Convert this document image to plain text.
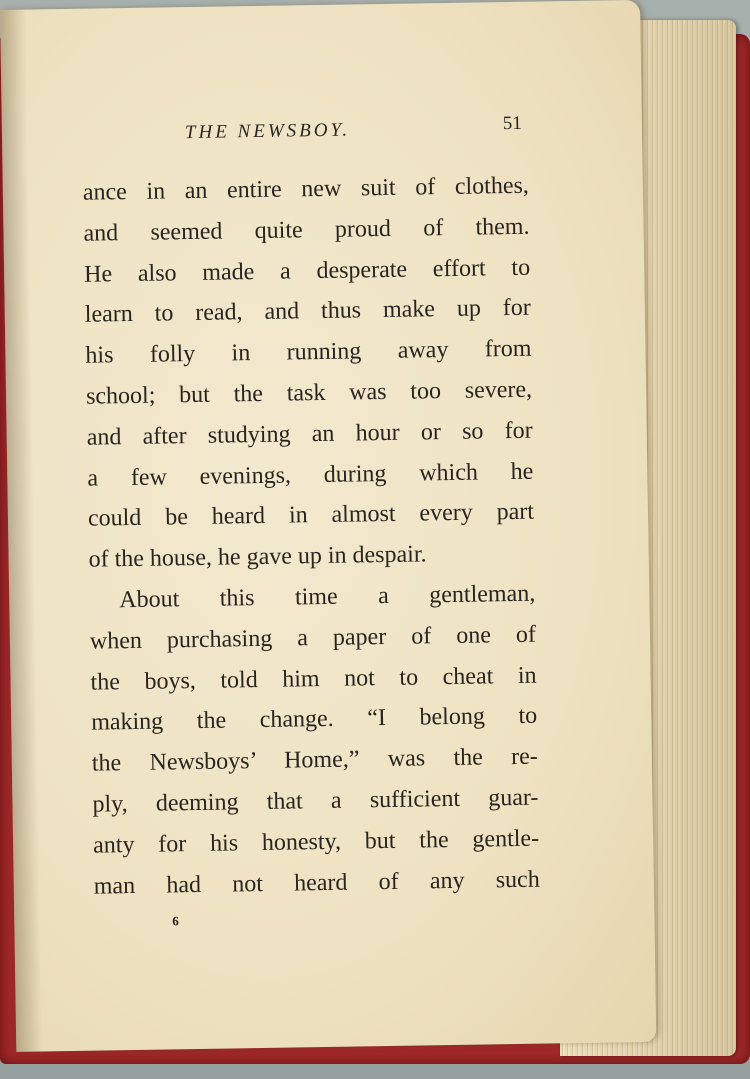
THE NEWSBOY.	51
ance in an entire new suit of clothes,
and seemed quite proud of them.
He also made a desperate effort to
learn to read, and thus make up for
his folly in running away from
school; but the task was too severe,
and after studying an hour or so for
a few evenings, during which he
could be heard in almost every part
of the house, he gave up in despair.
About this time a gentleman,
when purchasing a paper of one of
the boys, told him not to cheat in
making the change. “I belong to
the Newsboys’ Home,” was the re-
ply, deeming that a sufficient guar-
anty for his honesty, but the gentle-
man had not heard of any such
6
